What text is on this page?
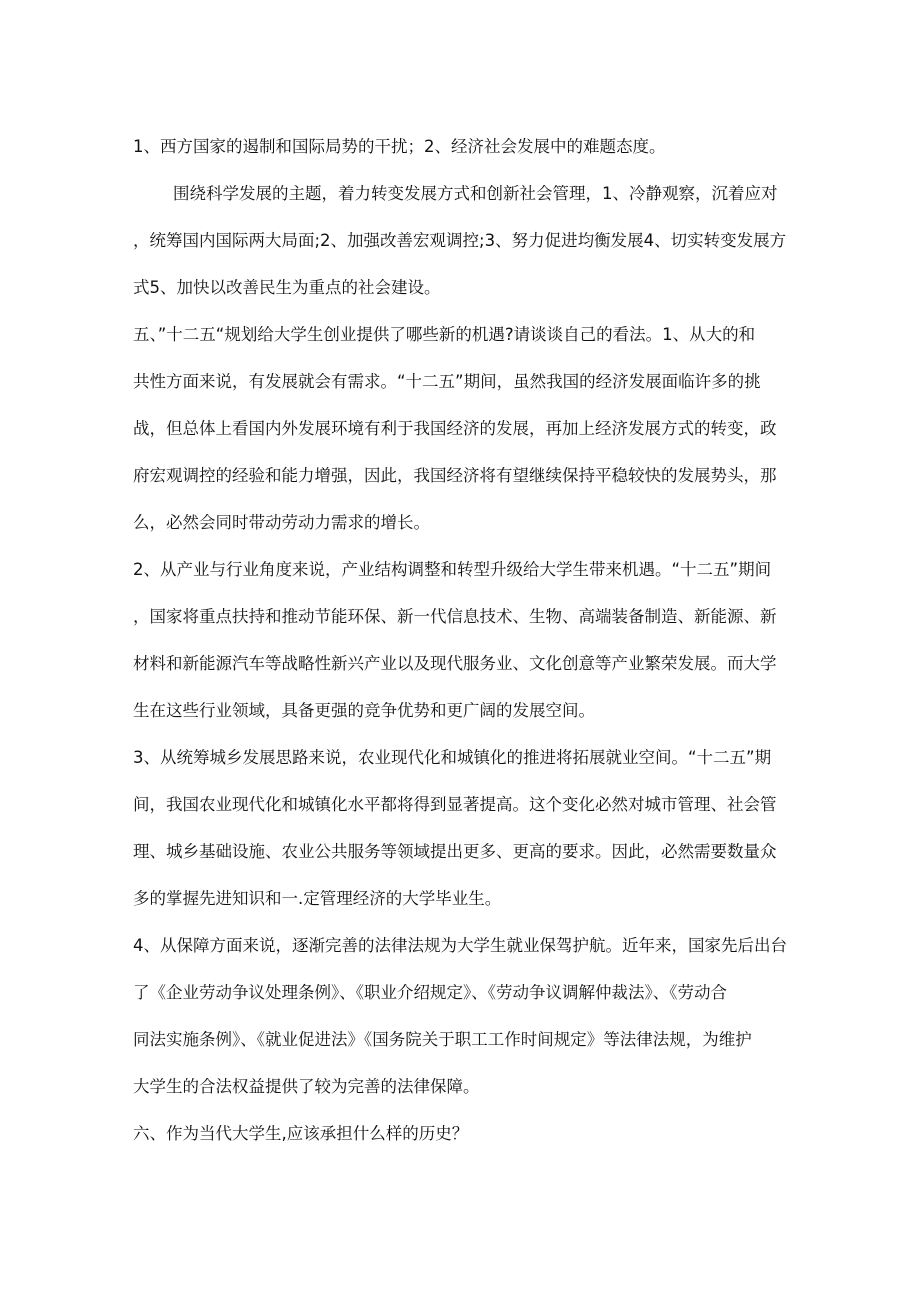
1、西方国家的遏制和国际局势的干扰；2、经济社会发展中的难题态度。

围绕科学发展的主题，着力转变发展方式和创新社会管理，1、冷静观察，沉着应对

，统筹国内国际两大局面;2、加强改善宏观调控;3、努力促进均衡发展4、切实转变发展方

式5、加快以改善民生为重点的社会建设。

五、”十二五“规划给大学生创业提供了哪些新的机遇?请谈谈自己的看法。1、从大的和

共性方面来说，有发展就会有需求。“十二五”期间，虽然我国的经济发展面临许多的挑

战，但总体上看国内外发展环境有利于我国经济的发展，再加上经济发展方式的转变，政

府宏观调控的经验和能力增强，因此，我国经济将有望继续保持平稳较快的发展势头，那

么，必然会同时带动劳动力需求的增长。

2、从产业与行业角度来说，产业结构调整和转型升级给大学生带来机遇。“十二五”期间

，国家将重点扶持和推动节能环保、新一代信息技术、生物、高端装备制造、新能源、新

材料和新能源汽车等战略性新兴产业以及现代服务业、文化创意等产业繁荣发展。而大学

生在这些行业领域，具备更强的竞争优势和更广阔的发展空间。

3、从统筹城乡发展思路来说，农业现代化和城镇化的推进将拓展就业空间。“十二五”期

间，我国农业现代化和城镇化水平都将得到显著提高。这个变化必然对城市管理、社会管

理、城乡基础设施、农业公共服务等领域提出更多、更高的要求。因此，必然需要数量众

多的掌握先进知识和一.定管理经济的大学毕业生。

4、从保障方面来说，逐渐完善的法律法规为大学生就业保驾护航。近年来，国家先后出台

了《企业劳动争议处理条例》、《职业介绍规定》、《劳动争议调解仲裁法》、《劳动合

同法实施条例》、《就业促进法》《国务院关于职工工作时间规定》等法律法规，为维护

大学生的合法权益提供了较为完善的法律保障。

六、作为当代大学生,应该承担什么样的历史？
